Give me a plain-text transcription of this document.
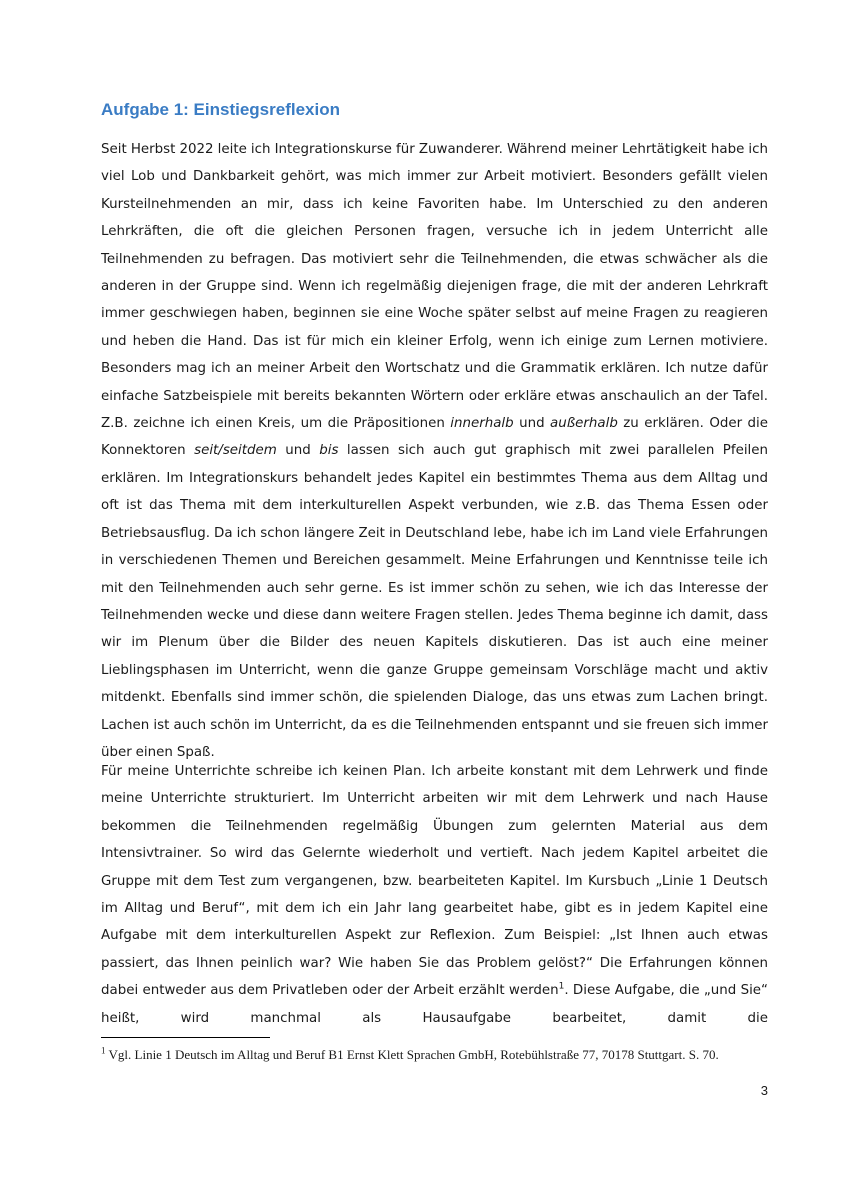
Aufgabe 1: Einstiegsreflexion

Seit Herbst 2022 leite ich Integrationskurse für Zuwanderer. Während meiner Lehrtätigkeit habe ich viel Lob und Dankbarkeit gehört, was mich immer zur Arbeit motiviert. Besonders gefällt vielen Kursteilnehmenden an mir, dass ich keine Favoriten habe. Im Unterschied zu den anderen Lehrkräften, die oft die gleichen Personen fragen, versuche ich in jedem Unterricht alle Teilnehmenden zu befragen. Das motiviert sehr die Teilnehmenden, die etwas schwächer als die anderen in der Gruppe sind. Wenn ich regelmäßig diejenigen frage, die mit der anderen Lehrkraft immer geschwiegen haben, beginnen sie eine Woche später selbst auf meine Fragen zu reagieren und heben die Hand. Das ist für mich ein kleiner Erfolg, wenn ich einige zum Lernen motiviere. Besonders mag ich an meiner Arbeit den Wortschatz und die Grammatik erklären. Ich nutze dafür einfache Satzbeispiele mit bereits bekannten Wörtern oder erkläre etwas anschaulich an der Tafel. Z.B. zeichne ich einen Kreis, um die Präpositionen innerhalb und außerhalb zu erklären. Oder die Konnektoren seit/seitdem und bis lassen sich auch gut graphisch mit zwei parallelen Pfeilen erklären. Im Integrationskurs behandelt jedes Kapitel ein bestimmtes Thema aus dem Alltag und oft ist das Thema mit dem interkulturellen Aspekt verbunden, wie z.B. das Thema Essen oder Betriebsausflug. Da ich schon längere Zeit in Deutschland lebe, habe ich im Land viele Erfahrungen in verschiedenen Themen und Bereichen gesammelt. Meine Erfahrungen und Kenntnisse teile ich mit den Teilnehmenden auch sehr gerne. Es ist immer schön zu sehen, wie ich das Interesse der Teilnehmenden wecke und diese dann weitere Fragen stellen. Jedes Thema beginne ich damit, dass wir im Plenum über die Bilder des neuen Kapitels diskutieren. Das ist auch eine meiner Lieblingsphasen im Unterricht, wenn die ganze Gruppe gemeinsam Vorschläge macht und aktiv mitdenkt. Ebenfalls sind immer schön, die spielenden Dialoge, das uns etwas zum Lachen bringt. Lachen ist auch schön im Unterricht, da es die Teilnehmenden entspannt und sie freuen sich immer über einen Spaß.

Für meine Unterrichte schreibe ich keinen Plan. Ich arbeite konstant mit dem Lehrwerk und finde meine Unterrichte strukturiert. Im Unterricht arbeiten wir mit dem Lehrwerk und nach Hause bekommen die Teilnehmenden regelmäßig Übungen zum gelernten Material aus dem Intensivtrainer. So wird das Gelernte wiederholt und vertieft. Nach jedem Kapitel arbeitet die Gruppe mit dem Test zum vergangenen, bzw. bearbeiteten Kapitel. Im Kursbuch „Linie 1 Deutsch im Alltag und Beruf“, mit dem ich ein Jahr lang gearbeitet habe, gibt es in jedem Kapitel eine Aufgabe mit dem interkulturellen Aspekt zur Reflexion. Zum Beispiel: „Ist Ihnen auch etwas passiert, das Ihnen peinlich war? Wie haben Sie das Problem gelöst?“ Die Erfahrungen können dabei entweder aus dem Privatleben oder der Arbeit erzählt werden$^1$. Diese Aufgabe, die „und Sie“ heißt, wird manchmal als Hausaufgabe bearbeitet, damit die

$^1$ Vgl. Linie 1 Deutsch im Alltag und Beruf B1 Ernst Klett Sprachen GmbH, Rotebühlstraße 77, 70178 Stuttgart. S. 70.

3
